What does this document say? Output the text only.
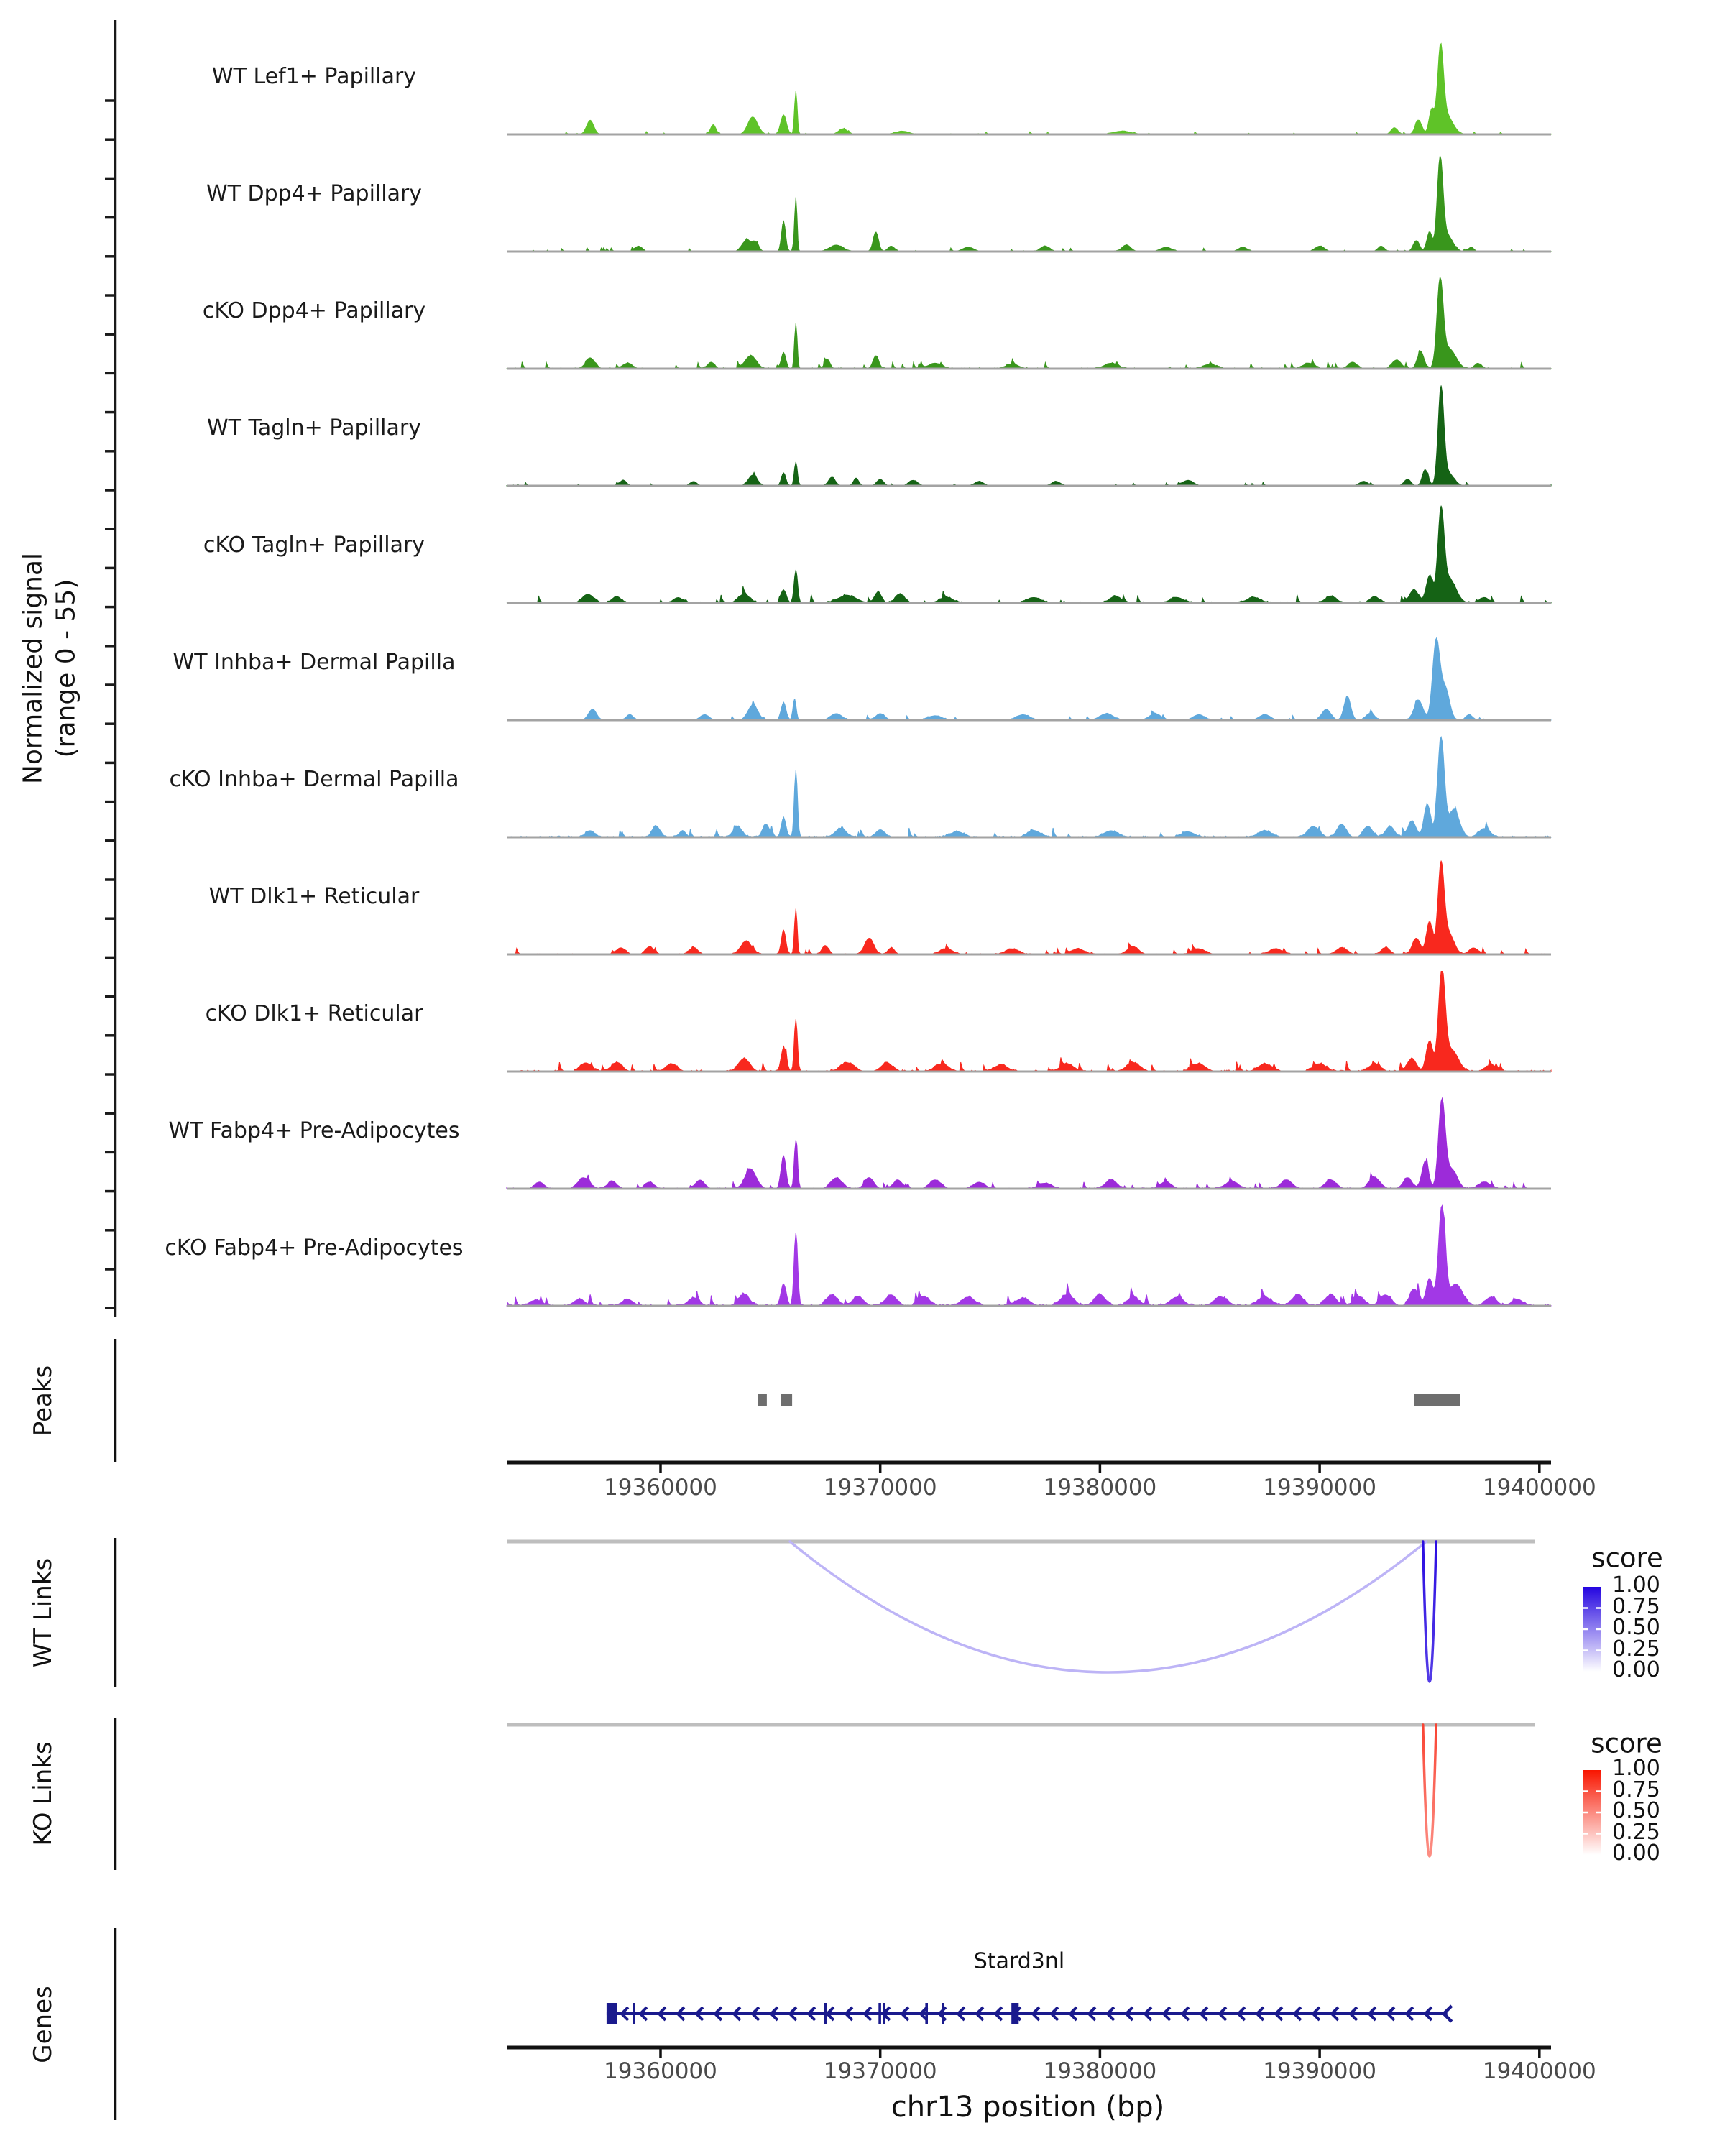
Normalized signal (range 0 - 55)
Peaks
WT Links
KO Links
Genes
score
score
Stard3nl
chr13 position (bp)
WT Lef1+ Papillary
WT Dpp4+ Papillary
cKO Dpp4+ Papillary
WT Tagln+ Papillary
cKO Tagln+ Papillary
WT Inhba+ Dermal Papilla
cKO Inhba+ Dermal Papilla
WT Dlk1+ Reticular
cKO Dlk1+ Reticular
WT Fabp4+ Pre-Adipocytes
cKO Fabp4+ Pre-Adipocytes
19360000	19370000	19380000	19390000	19400000
19360000	19370000	19380000	19390000	19400000
1.00
0.75
0.50
0.25
0.00
1.00
0.75
0.50
0.25
0.00
